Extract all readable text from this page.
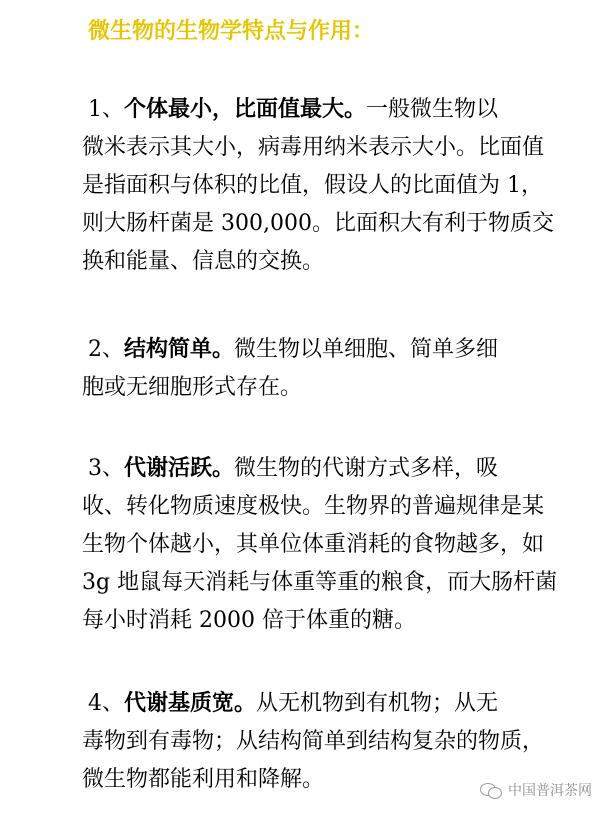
微生物的生物学特点与作用：
1、个体最小，比面值最大。一般微生物以
微米表示其大小，病毒用纳米表示大小。比面值
是指面积与体积的比值，假设人的比面值为 1，
则大肠杆菌是 300,000。比面积大有利于物质交
换和能量、信息的交换。
2、结构简单。微生物以单细胞、简单多细
胞或无细胞形式存在。
3、代谢活跃。微生物的代谢方式多样，吸
收、转化物质速度极快。生物界的普遍规律是某
生物个体越小，其单位体重消耗的食物越多，如
3g 地鼠每天消耗与体重等重的粮食，而大肠杆菌
每小时消耗 2000 倍于体重的糖。
4、代谢基质宽。从无机物到有机物；从无
毒物到有毒物；从结构简单到结构复杂的物质，
微生物都能利用和降解。	中国普洱茶网
